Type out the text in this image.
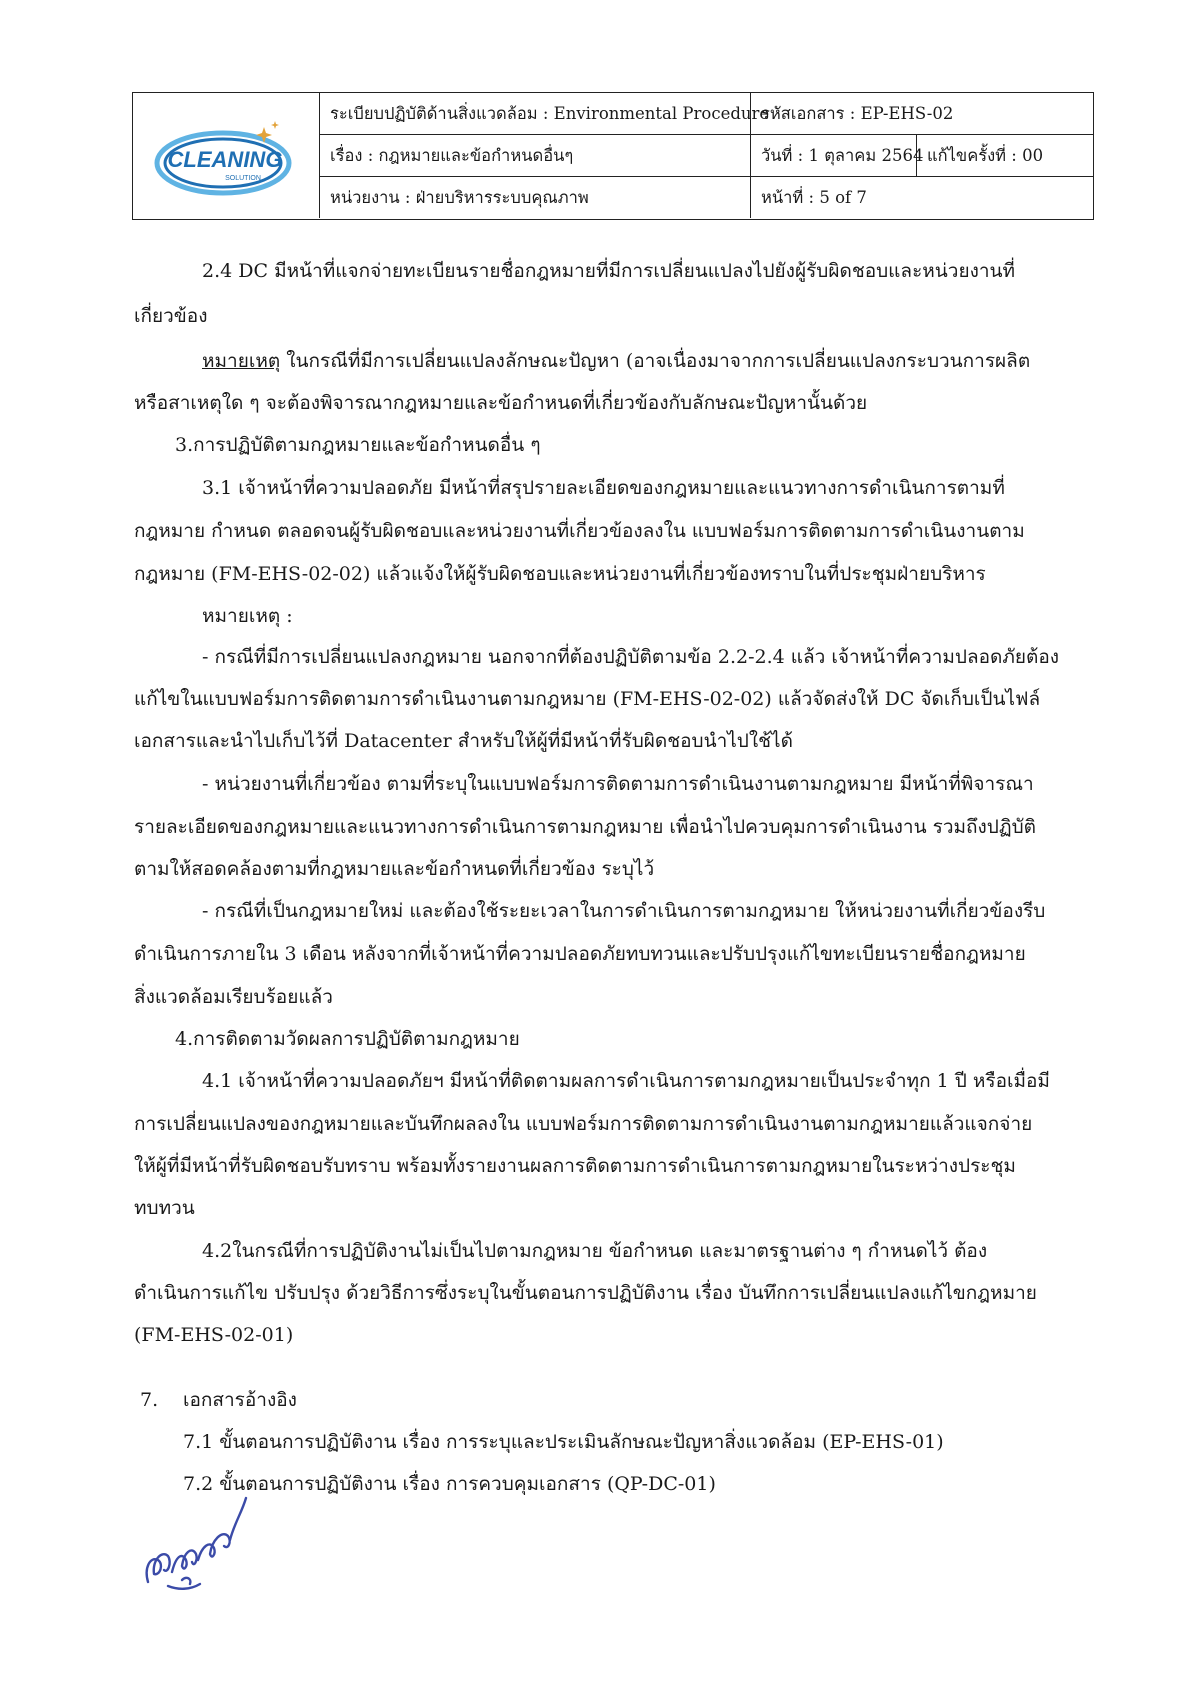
CLEANING
SOLUTION
ระเบียบปฏิบัติด้านสิ่งแวดล้อม : Environmental Procedure
รหัสเอกสาร : EP-EHS-02
เรื่อง : กฎหมายและข้อกำหนดอื่นๆ	วันที่ : 1 ตุลาคม 2564 แก้ไขครั้งที่ : 00
หน่วยงาน : ฝ่ายบริหารระบบคุณภาพ	หน้าที่ : 5 of 7
2.4 DC มีหน้าที่แจกจ่ายทะเบียนรายชื่อกฎหมายที่มีการเปลี่ยนแปลงไปยังผู้รับผิดชอบและหน่วยงานที่
เกี่ยวข้อง
หมายเหตุ ในกรณีที่มีการเปลี่ยนแปลงลักษณะปัญหา (อาจเนื่องมาจากการเปลี่ยนแปลงกระบวนการผลิต
หรือสาเหตุใด ๆ จะต้องพิจารณากฎหมายและข้อกำหนดที่เกี่ยวข้องกับลักษณะปัญหานั้นด้วย
3.การปฏิบัติตามกฎหมายและข้อกำหนดอื่น ๆ
3.1 เจ้าหน้าที่ความปลอดภัย มีหน้าที่สรุปรายละเอียดของกฎหมายและแนวทางการดำเนินการตามที่
กฎหมาย กำหนด ตลอดจนผู้รับผิดชอบและหน่วยงานที่เกี่ยวข้องลงใน แบบฟอร์มการติดตามการดำเนินงานตาม
กฎหมาย (FM-EHS-02-02) แล้วแจ้งให้ผู้รับผิดชอบและหน่วยงานที่เกี่ยวข้องทราบในที่ประชุมฝ่ายบริหาร
หมายเหตุ :
- กรณีที่มีการเปลี่ยนแปลงกฎหมาย นอกจากที่ต้องปฏิบัติตามข้อ 2.2-2.4 แล้ว เจ้าหน้าที่ความปลอดภัยต้อง
แก้ไขในแบบฟอร์มการติดตามการดำเนินงานตามกฎหมาย (FM-EHS-02-02) แล้วจัดส่งให้ DC จัดเก็บเป็นไฟล์
เอกสารและนำไปเก็บไว้ที่ Datacenter สำหรับให้ผู้ที่มีหน้าที่รับผิดชอบนำไปใช้ได้
- หน่วยงานที่เกี่ยวข้อง ตามที่ระบุในแบบฟอร์มการติดตามการดำเนินงานตามกฎหมาย มีหน้าที่พิจารณา
รายละเอียดของกฎหมายและแนวทางการดำเนินการตามกฎหมาย เพื่อนำไปควบคุมการดำเนินงาน รวมถึงปฏิบัติ
ตามให้สอดคล้องตามที่กฎหมายและข้อกำหนดที่เกี่ยวข้อง ระบุไว้
- กรณีที่เป็นกฎหมายใหม่ และต้องใช้ระยะเวลาในการดำเนินการตามกฎหมาย ให้หน่วยงานที่เกี่ยวข้องรีบ
ดำเนินการภายใน 3 เดือน หลังจากที่เจ้าหน้าที่ความปลอดภัยทบทวนและปรับปรุงแก้ไขทะเบียนรายชื่อกฎหมาย
สิ่งแวดล้อมเรียบร้อยแล้ว
4.การติดตามวัดผลการปฏิบัติตามกฎหมาย
4.1 เจ้าหน้าที่ความปลอดภัยฯ มีหน้าที่ติดตามผลการดำเนินการตามกฎหมายเป็นประจำทุก 1 ปี หรือเมื่อมี
การเปลี่ยนแปลงของกฎหมายและบันทึกผลลงใน แบบฟอร์มการติดตามการดำเนินงานตามกฎหมายแล้วแจกจ่าย
ให้ผู้ที่มีหน้าที่รับผิดชอบรับทราบ พร้อมทั้งรายงานผลการติดตามการดำเนินการตามกฎหมายในระหว่างประชุม
ทบทวน
4.2ในกรณีที่การปฏิบัติงานไม่เป็นไปตามกฎหมาย ข้อกำหนด และมาตรฐานต่าง ๆ กำหนดไว้ ต้อง
ดำเนินการแก้ไข ปรับปรุง ด้วยวิธีการซึ่งระบุในขั้นตอนการปฏิบัติงาน เรื่อง บันทึกการเปลี่ยนแปลงแก้ไขกฎหมาย
(FM-EHS-02-01)
7. เอกสารอ้างอิง
7.1 ขั้นตอนการปฏิบัติงาน เรื่อง การระบุและประเมินลักษณะปัญหาสิ่งแวดล้อม (EP-EHS-01)
7.2 ขั้นตอนการปฏิบัติงาน เรื่อง การควบคุมเอกสาร (QP-DC-01)
